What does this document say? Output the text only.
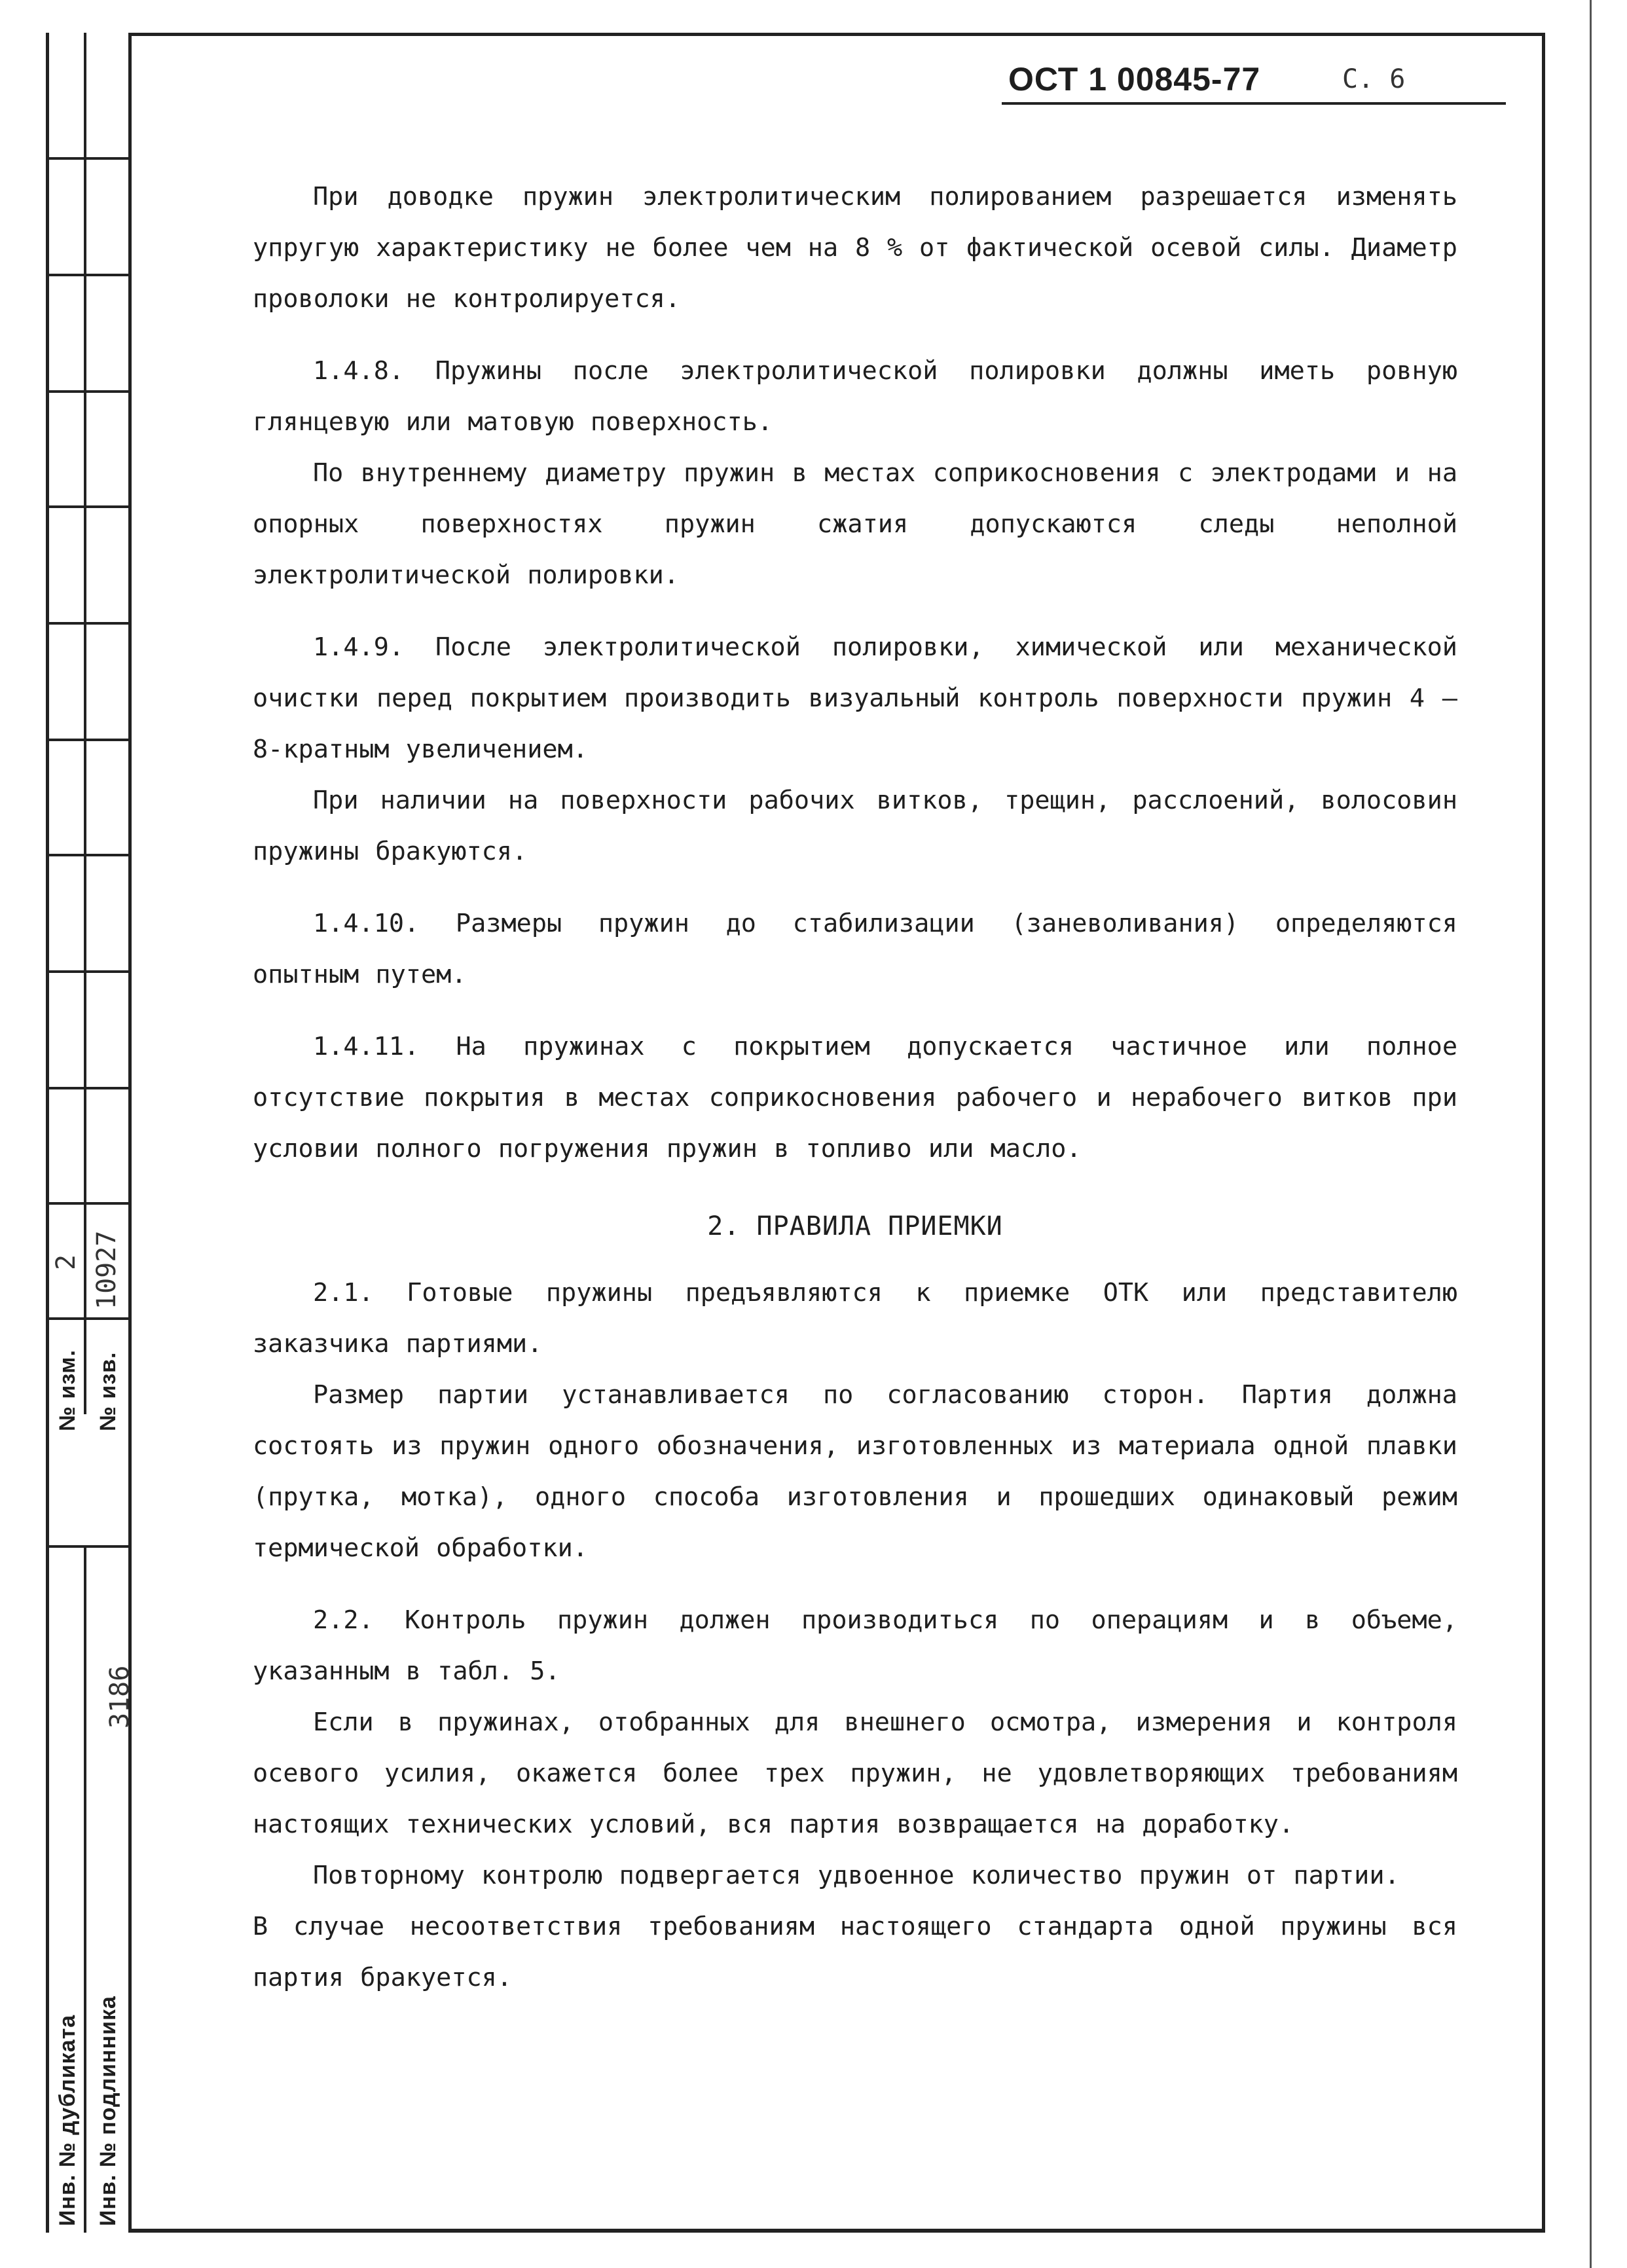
№ изм.
2
№ изв.
10927
Инв. № дубликата Инв. № подлинника
3186
ОСТ 1 00845-77	С. 6

При доводке пружин электролитическим полированием разрешается изменять упругую характеристику не более чем на 8 % от фактической осевой силы. Диаметр проволоки не контролируется.

1.4.8. Пружины после электролитической полировки должны иметь ровную глянцевую или матовую поверхность.

По внутреннему диаметру пружин в местах соприкосновения с электродами и на опорных поверхностях пружин сжатия допускаются следы неполной электролитической полировки.

1.4.9. После электролитической полировки, химической или механической очистки перед покрытием производить визуальный контроль поверхности пружин 4 – 8-кратным увеличением.

При наличии на поверхности рабочих витков, трещин, расслоений, волосовин пружины бракуются.

1.4.10. Размеры пружин до стабилизации (заневоливания) определяются опытным путем.

1.4.11. На пружинах с покрытием допускается частичное или полное отсутствие покрытия в местах соприкосновения рабочего и нерабочего витков при условии полного погружения пружин в топливо или масло.

2. ПРАВИЛА ПРИЕМКИ

2.1. Готовые пружины предъявляются к приемке ОТК или представителю заказчика партиями.

Размер партии устанавливается по согласованию сторон. Партия должна состоять из пружин одного обозначения, изготовленных из материала одной плавки (прутка, мотка), одного способа изготовления и прошедших одинаковый режим термической обработки.

2.2. Контроль пружин должен производиться по операциям и в объеме, указанным в табл. 5.

Если в пружинах, отобранных для внешнего осмотра, измерения и контроля осевого усилия, окажется более трех пружин, не удовлетворяющих требованиям настоящих технических условий, вся партия возвращается на доработку.

Повторному контролю подвергается удвоенное количество пружин от партии.

В случае несоответствия требованиям настоящего стандарта одной пружины вся партия бракуется.
